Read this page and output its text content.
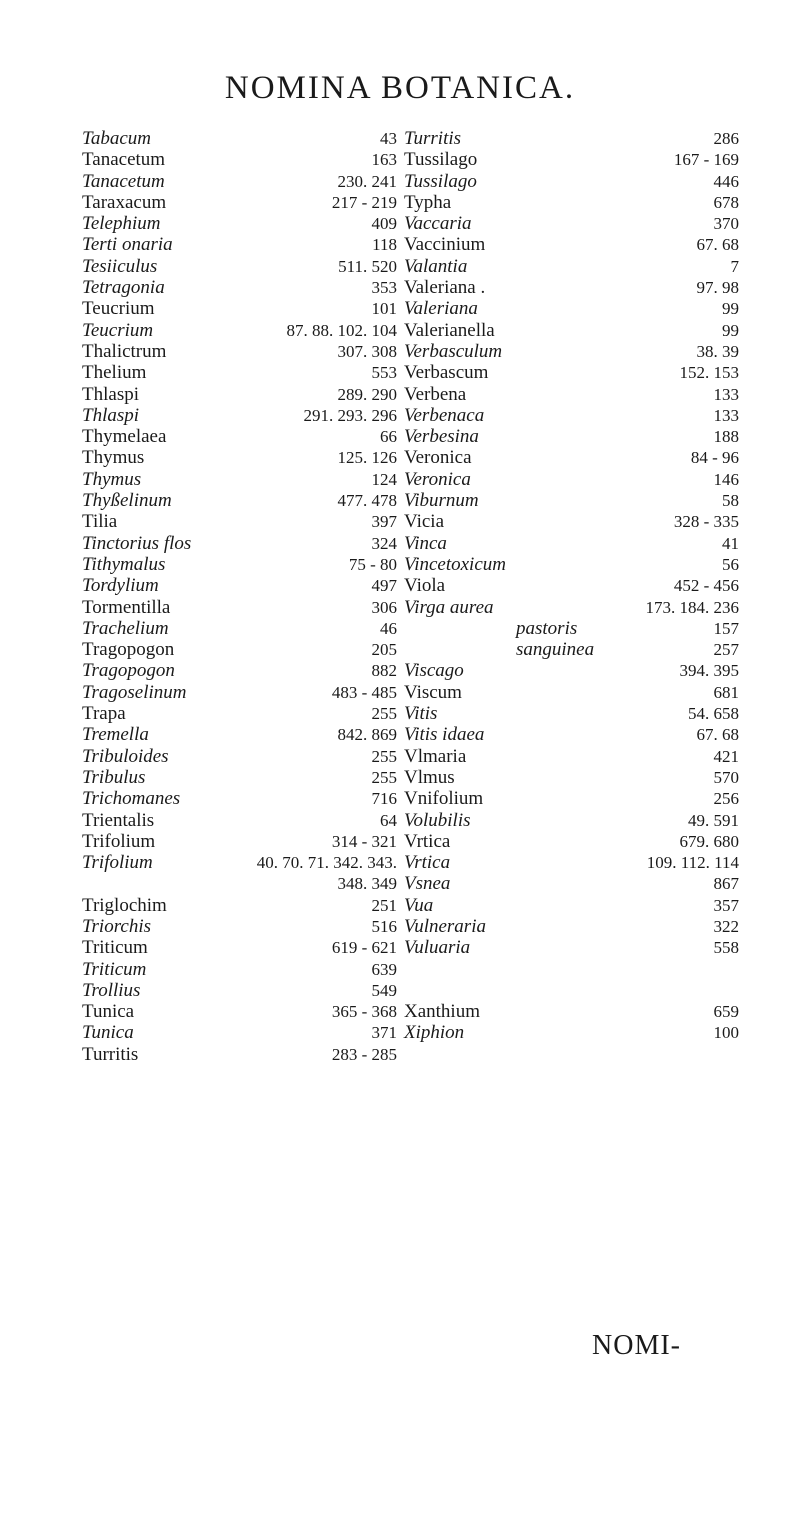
NOMINA BOTANICA.
Tabacum	43
Tanacetum	163
Tanacetum	230. 241
Taraxacum	217 - 219
Telephium	409
Terti onaria	118
Tesiiculus	511. 520
Tetragonia	353
Teucrium	101
Teucrium	87. 88. 102. 104
Thalictrum	307. 308
Thelium	553
Thlaspi	289. 290
Thlaspi	291. 293. 296
Thymelaea	66
Thymus	125. 126
Thymus	124
Thyßelinum	477. 478
Tilia	397
Tinctorius flos	324
Tithymalus	75 - 80
Tordylium	497
Tormentilla	306
Trachelium	46
Tragopogon	205
Tragopogon	882
Tragoselinum	483 - 485
Trapa	255
Tremella	842. 869
Tribuloides	255
Tribulus	255
Trichomanes	716
Trientalis	64
Trifolium	314 - 321
Trifolium	40. 70. 71. 342. 343.
348. 349
Triglochim	251
Triorchis	516
Triticum	619 - 621
Triticum	639
Trollius	549
Tunica	365 - 368
Tunica	371
Turritis	283 - 285
Turritis	286
Tussilago	167 - 169
Tussilago	446
Typha	678
Vaccaria	370
Vaccinium	67. 68
Valantia	7
Valeriana .	97. 98
Valeriana	99
Valerianella	99
Verbasculum	38. 39
Verbascum	152. 153
Verbena	133
Verbenaca	133
Verbesina	188
Veronica	84 - 96
Veronica	146
Viburnum	58
Vicia	328 - 335
Vinca	41
Vincetoxicum	56
Viola	452 - 456
Virga aurea	173. 184. 236
pastoris	157
sanguinea	257
Viscago	394. 395
Viscum	681
Vitis	54. 658
Vitis idaea	67. 68
Vlmaria	421
Vlmus	570
Vnifolium	256
Volubilis	49. 591
Vrtica	679. 680
Vrtica	109. 112. 114
Vsnea	867
Vua	357
Vulneraria	322
Vuluaria	558
Xanthium	659
Xiphion	100
NOMI-
